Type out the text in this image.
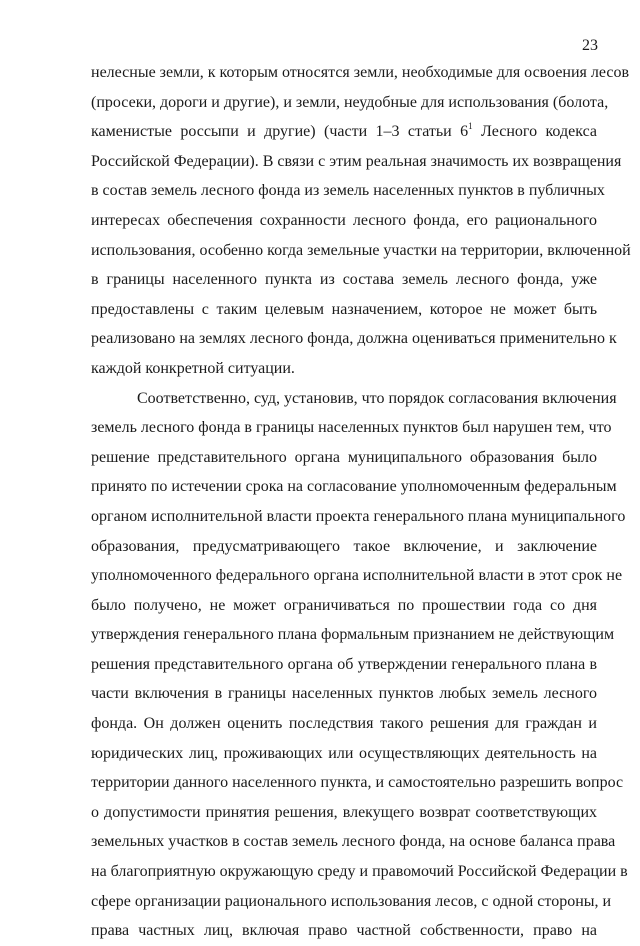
23
нелесные земли, к которым относятся земли, необходимые для освоения лесов
(просеки, дороги и другие), и земли, неудобные для использования (болота,
каменистые россыпи и другие) (части 1–3 статьи $6^1$ Лесного кодекса
Российской Федерации). В связи с этим реальная значимость их возвращения
в состав земель лесного фонда из земель населенных пунктов в публичных
интересах обеспечения сохранности лесного фонда, его рационального
использования, особенно когда земельные участки на территории, включенной
в границы населенного пункта из состава земель лесного фонда, уже
предоставлены с таким целевым назначением, которое не может быть
реализовано на землях лесного фонда, должна оцениваться применительно к
каждой конкретной ситуации.
Соответственно, суд, установив, что порядок согласования включения
земель лесного фонда в границы населенных пунктов был нарушен тем, что
решение представительного органа муниципального образования было
принято по истечении срока на согласование уполномоченным федеральным
органом исполнительной власти проекта генерального плана муниципального
образования, предусматривающего такое включение, и заключение
уполномоченного федерального органа исполнительной власти в этот срок не
было получено, не может ограничиваться по прошествии года со дня
утверждения генерального плана формальным признанием не действующим
решения представительного органа об утверждении генерального плана в
части включения в границы населенных пунктов любых земель лесного
фонда. Он должен оценить последствия такого решения для граждан и
юридических лиц, проживающих или осуществляющих деятельность на
территории данного населенного пункта, и самостоятельно разрешить вопрос
о допустимости принятия решения, влекущего возврат соответствующих
земельных участков в состав земель лесного фонда, на основе баланса права
на благоприятную окружающую среду и правомочий Российской Федерации в
сфере организации рационального использования лесов, с одной стороны, и
права частных лиц, включая право частной собственности, право на
